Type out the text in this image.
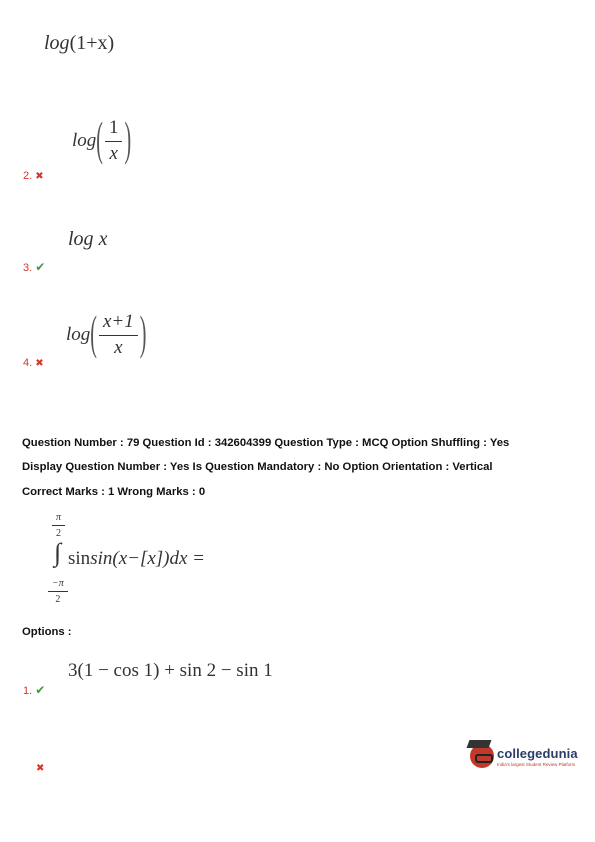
log(1+x)
log ( $\frac{1}{x}$ )
2. ✖
log x
3. ✔
log ( $\frac{x+1}{x}$ )
4. ✖
Question Number : 79 Question Id : 342604399 Question Type : MCQ Option Shuffling : Yes
Display Question Number : Yes Is Question Mandatory : No Option Orientation : Vertical
Correct Marks : 1 Wrong Marks : 0
$\frac{\pi}{2}$
∫ sinsin(x−[x])dx =
$\frac{-\pi}{2}$
Options :
3(1 − cos 1) + sin 2 − sin 1
1. ✔
✖
collegedunia
India's largest Student Review Platform
